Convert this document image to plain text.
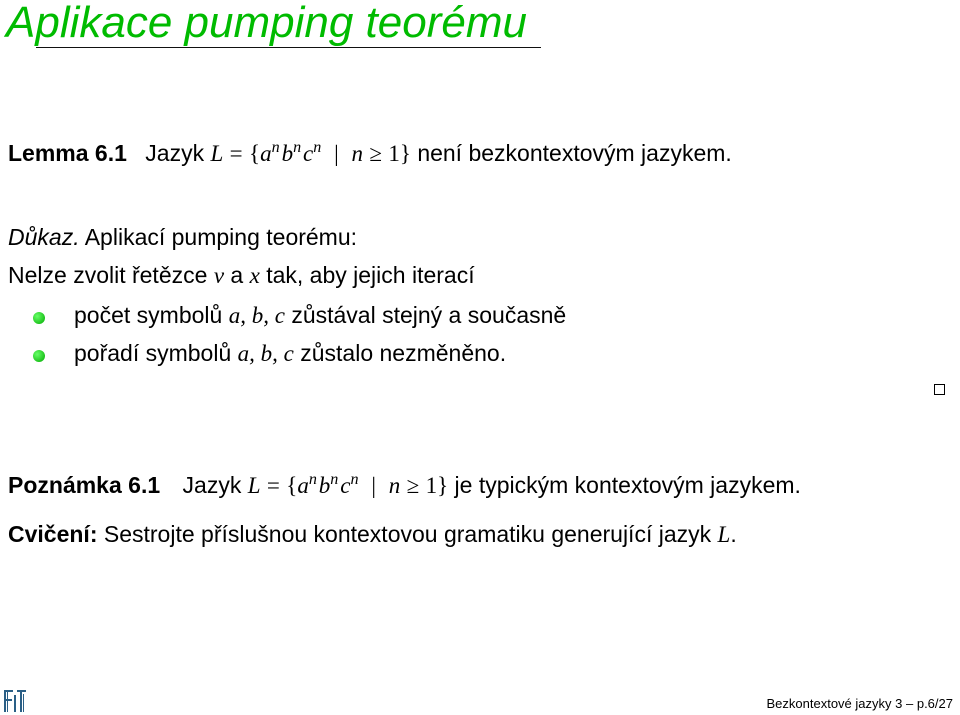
Aplikace pumping teorému
Lemma 6.1 Jazyk $L = \{a^n$ $b^n$ $c^n$ | n ≥ 1} není bezkontextovým jazykem.
Důkaz. Aplikací pumping teorému:
Nelze zvolit řetězce v a x tak, aby jejich iterací
počet symbolů a, b, c zůstával stejný a současně
pořadí symbolů a, b, c zůstalo nezměněno.
Poznámka 6.1 Jazyk $L = \{a^n$ $b^n$ $c^n$ | n ≥ 1} je typickým kontextovým jazykem.
Cvičení: Sestrojte příslušnou kontextovou gramatiku generující jazyk L.
Bezkontextové jazyky 3 – p.6/27
